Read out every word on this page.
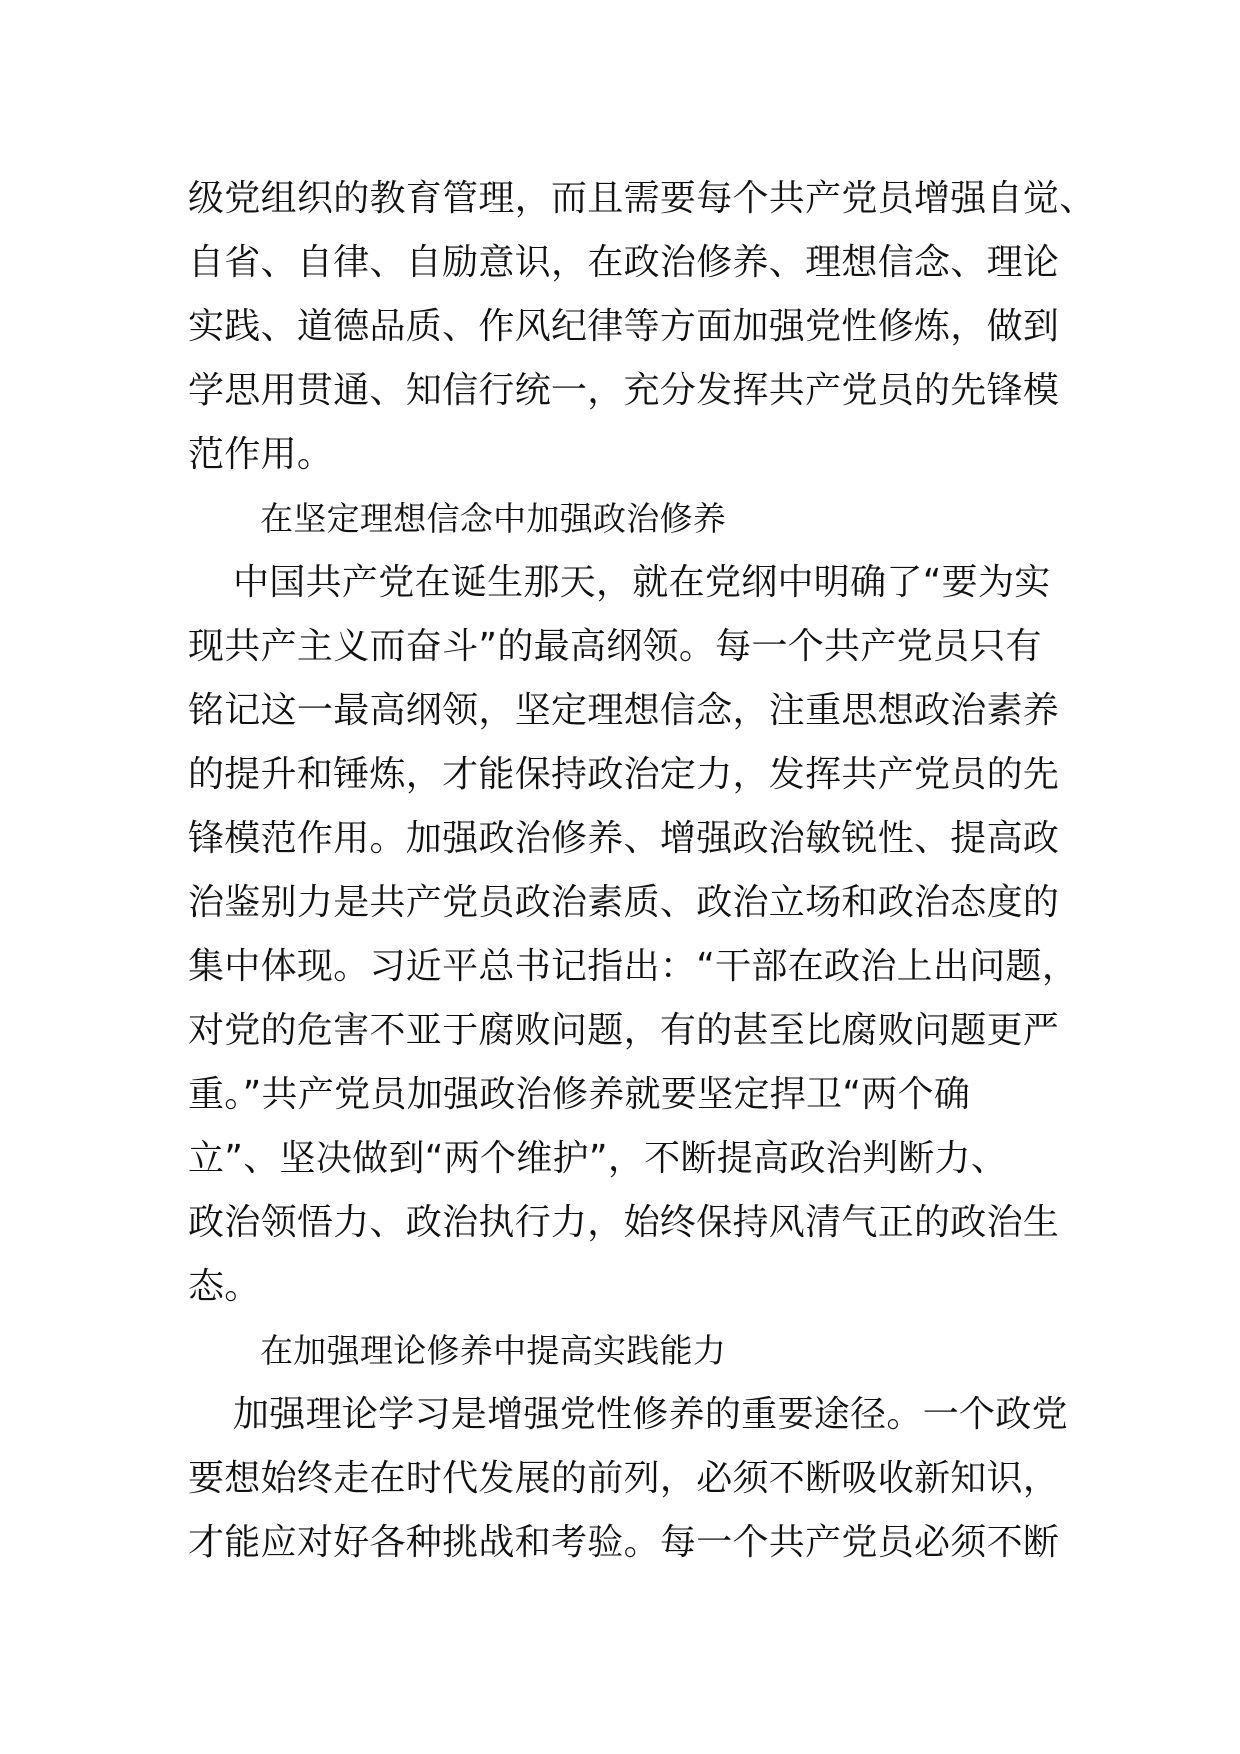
级党组织的教育管理，而且需要每个共产党员增强自觉、
自省、自律、自励意识，在政治修养、理想信念、理论
实践、道德品质、作风纪律等方面加强党性修炼，做到
学思用贯通、知信行统一，充分发挥共产党员的先锋模
范作用。
在坚定理想信念中加强政治修养
中国共产党在诞生那天，就在党纲中明确了“要为实
现共产主义而奋斗”的最高纲领。每一个共产党员只有
铭记这一最高纲领，坚定理想信念，注重思想政治素养
的提升和锤炼，才能保持政治定力，发挥共产党员的先
锋模范作用。加强政治修养、增强政治敏锐性、提高政
治鉴别力是共产党员政治素质、政治立场和政治态度的
集中体现。习近平总书记指出：“干部在政治上出问题，
对党的危害不亚于腐败问题，有的甚至比腐败问题更严
重。”共产党员加强政治修养就要坚定捍卫“两个确
立”、坚决做到“两个维护”，不断提高政治判断力、
政治领悟力、政治执行力，始终保持风清气正的政治生
态。
在加强理论修养中提高实践能力
加强理论学习是增强党性修养的重要途径。一个政党
要想始终走在时代发展的前列，必须不断吸收新知识，
才能应对好各种挑战和考验。每一个共产党员必须不断
